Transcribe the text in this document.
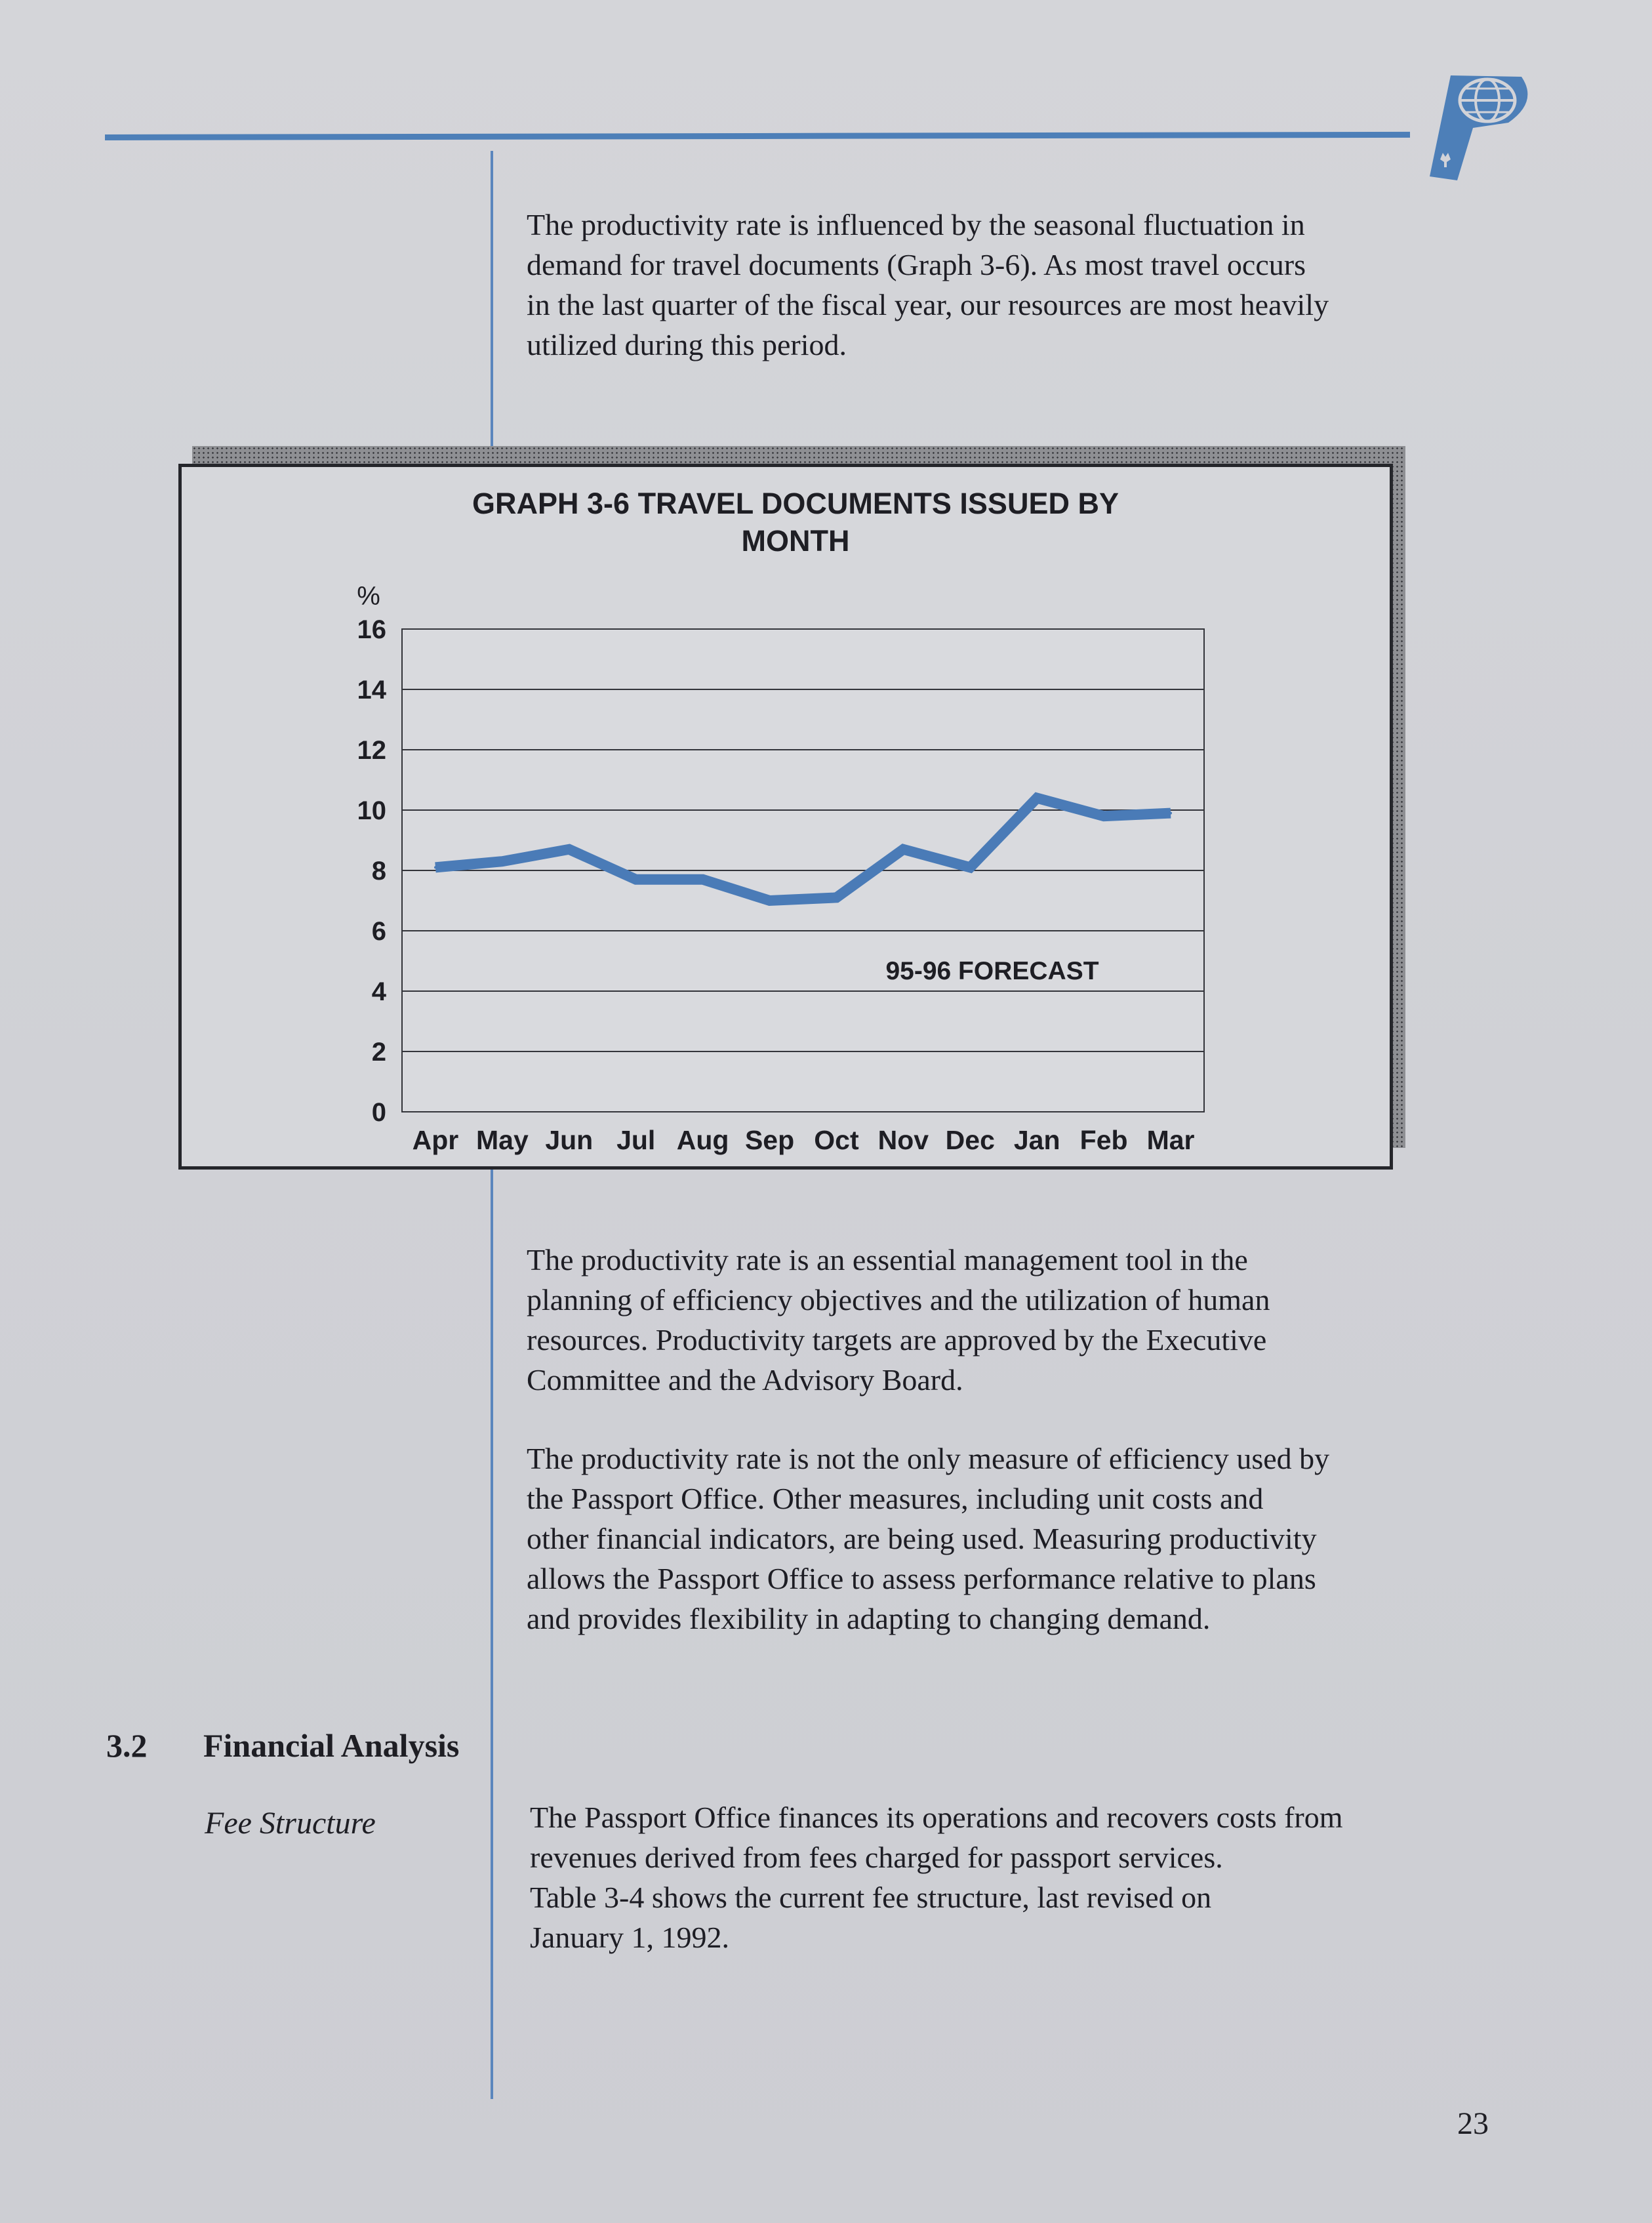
The productivity rate is influenced by the seasonal fluctuation in
demand for travel documents (Graph 3-6). As most travel occurs
in the last quarter of the fiscal year, our resources are most heavily
utilized during this period.

GRAPH 3-6 TRAVEL DOCUMENTS ISSUED BY
MONTH
%
0
2
4
6
8
10
12
14
16
Apr May Jun Jul Aug Sep Oct Nov Dec Jan Feb Mar
95-96 FORECAST

The productivity rate is an essential management tool in the
planning of efficiency objectives and the utilization of human
resources. Productivity targets are approved by the Executive
Committee and the Advisory Board.

The productivity rate is not the only measure of efficiency used by
the Passport Office. Other measures, including unit costs and
other financial indicators, are being used. Measuring productivity
allows the Passport Office to assess performance relative to plans
and provides flexibility in adapting to changing demand.

3.2 Financial Analysis
Fee Structure	The Passport Office finances its operations and recovers costs from
revenues derived from fees charged for passport services.
Table 3-4 shows the current fee structure, last revised on
January 1, 1992.

23
